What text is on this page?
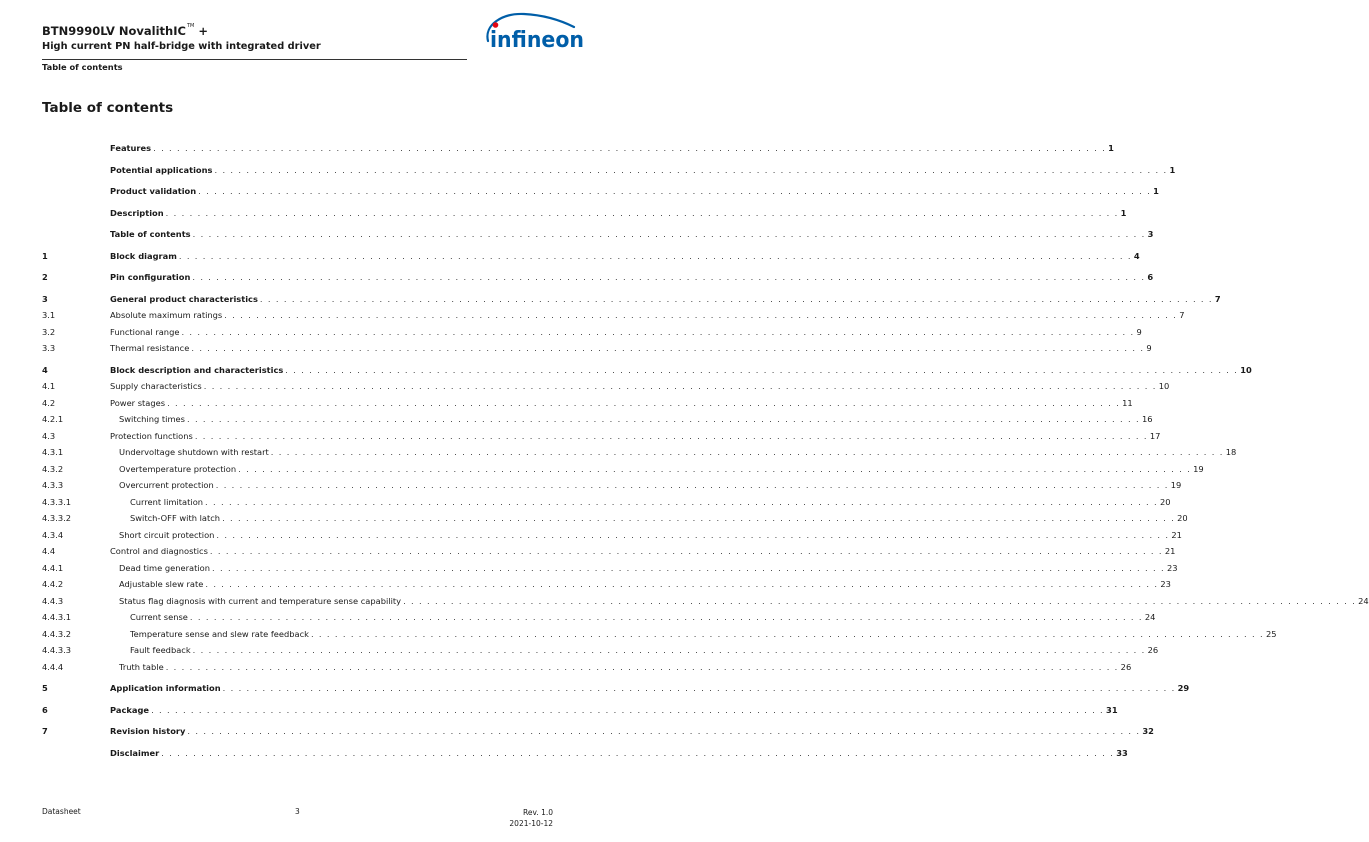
BTN9990LV NovalithIC™ +
High current PN half-bridge with integrated driver
Table of contents
infineon
Table of contents
Features . . . . . . . . . . . . . . . . . . . . . . . . . . . . . . . . . . . . . . . . . . . . . . . . . . . . . . . . . . . . . . . . . . . . . . . . . . . . . . . . . . . . . . . . . . . . . . . . . . . . . . . . . . . . . . . . . . . . . . . . 1
Potential applications . . . . . . . . . . . . . . . . . . . . . . . . . . . . . . . . . . . . . . . . . . . . . . . . . . . . . . . . . . . . . . . . . . . . . . . . . . . . . . . . . . . . . . . . . . . . . . . . . . . . . . . . . . . . . . . . . . . . . . . . 1
Product validation . . . . . . . . . . . . . . . . . . . . . . . . . . . . . . . . . . . . . . . . . . . . . . . . . . . . . . . . . . . . . . . . . . . . . . . . . . . . . . . . . . . . . . . . . . . . . . . . . . . . . . . . . . . . . . . . . . . . . . . . 1
Description . . . . . . . . . . . . . . . . . . . . . . . . . . . . . . . . . . . . . . . . . . . . . . . . . . . . . . . . . . . . . . . . . . . . . . . . . . . . . . . . . . . . . . . . . . . . . . . . . . . . . . . . . . . . . . . . . . . . . . . . 1
Table of contents . . . . . . . . . . . . . . . . . . . . . . . . . . . . . . . . . . . . . . . . . . . . . . . . . . . . . . . . . . . . . . . . . . . . . . . . . . . . . . . . . . . . . . . . . . . . . . . . . . . . . . . . . . . . . . . . . . . . . . . . 3
1	Block diagram . . . . . . . . . . . . . . . . . . . . . . . . . . . . . . . . . . . . . . . . . . . . . . . . . . . . . . . . . . . . . . . . . . . . . . . . . . . . . . . . . . . . . . . . . . . . . . . . . . . . . . . . . . . . . . . . . . . . . . . . 4
2	Pin configuration . . . . . . . . . . . . . . . . . . . . . . . . . . . . . . . . . . . . . . . . . . . . . . . . . . . . . . . . . . . . . . . . . . . . . . . . . . . . . . . . . . . . . . . . . . . . . . . . . . . . . . . . . . . . . . . . . . . . . . . . 6
3	General product characteristics . . . . . . . . . . . . . . . . . . . . . . . . . . . . . . . . . . . . . . . . . . . . . . . . . . . . . . . . . . . . . . . . . . . . . . . . . . . . . . . . . . . . . . . . . . . . . . . . . . . . . . . . . . . . . . . . . . . . . . . . 7
3.1	Absolute maximum ratings . . . . . . . . . . . . . . . . . . . . . . . . . . . . . . . . . . . . . . . . . . . . . . . . . . . . . . . . . . . . . . . . . . . . . . . . . . . . . . . . . . . . . . . . . . . . . . . . . . . . . . . . . . . . . . . . . . . . . . . . 7
3.2	Functional range . . . . . . . . . . . . . . . . . . . . . . . . . . . . . . . . . . . . . . . . . . . . . . . . . . . . . . . . . . . . . . . . . . . . . . . . . . . . . . . . . . . . . . . . . . . . . . . . . . . . . . . . . . . . . . . . . . . . . . . . 9
3.3	Thermal resistance . . . . . . . . . . . . . . . . . . . . . . . . . . . . . . . . . . . . . . . . . . . . . . . . . . . . . . . . . . . . . . . . . . . . . . . . . . . . . . . . . . . . . . . . . . . . . . . . . . . . . . . . . . . . . . . . . . . . . . . . 9
4	Block description and characteristics . . . . . . . . . . . . . . . . . . . . . . . . . . . . . . . . . . . . . . . . . . . . . . . . . . . . . . . . . . . . . . . . . . . . . . . . . . . . . . . . . . . . . . . . . . . . . . . . . . . . . . . . . . . . . . . . . . . . . . . . 10
4.1	Supply characteristics . . . . . . . . . . . . . . . . . . . . . . . . . . . . . . . . . . . . . . . . . . . . . . . . . . . . . . . . . . . . . . . . . . . . . . . . . . . . . . . . . . . . . . . . . . . . . . . . . . . . . . . . . . . . . . . . . . . . . . . . 10
4.2	Power stages . . . . . . . . . . . . . . . . . . . . . . . . . . . . . . . . . . . . . . . . . . . . . . . . . . . . . . . . . . . . . . . . . . . . . . . . . . . . . . . . . . . . . . . . . . . . . . . . . . . . . . . . . . . . . . . . . . . . . . . . 11
4.2.1	Switching times . . . . . . . . . . . . . . . . . . . . . . . . . . . . . . . . . . . . . . . . . . . . . . . . . . . . . . . . . . . . . . . . . . . . . . . . . . . . . . . . . . . . . . . . . . . . . . . . . . . . . . . . . . . . . . . . . . . . . . . . 16
4.3	Protection functions . . . . . . . . . . . . . . . . . . . . . . . . . . . . . . . . . . . . . . . . . . . . . . . . . . . . . . . . . . . . . . . . . . . . . . . . . . . . . . . . . . . . . . . . . . . . . . . . . . . . . . . . . . . . . . . . . . . . . . . . 17
4.3.1	Undervoltage shutdown with restart . . . . . . . . . . . . . . . . . . . . . . . . . . . . . . . . . . . . . . . . . . . . . . . . . . . . . . . . . . . . . . . . . . . . . . . . . . . . . . . . . . . . . . . . . . . . . . . . . . . . . . . . . . . . . . . . . . . . . . . . 18
4.3.2	Overtemperature protection . . . . . . . . . . . . . . . . . . . . . . . . . . . . . . . . . . . . . . . . . . . . . . . . . . . . . . . . . . . . . . . . . . . . . . . . . . . . . . . . . . . . . . . . . . . . . . . . . . . . . . . . . . . . . . . . . . . . . . . . 19
4.3.3	Overcurrent protection . . . . . . . . . . . . . . . . . . . . . . . . . . . . . . . . . . . . . . . . . . . . . . . . . . . . . . . . . . . . . . . . . . . . . . . . . . . . . . . . . . . . . . . . . . . . . . . . . . . . . . . . . . . . . . . . . . . . . . . . 19
4.3.3.1	Current limitation . . . . . . . . . . . . . . . . . . . . . . . . . . . . . . . . . . . . . . . . . . . . . . . . . . . . . . . . . . . . . . . . . . . . . . . . . . . . . . . . . . . . . . . . . . . . . . . . . . . . . . . . . . . . . . . . . . . . . . . . 20
4.3.3.2	Switch-OFF with latch . . . . . . . . . . . . . . . . . . . . . . . . . . . . . . . . . . . . . . . . . . . . . . . . . . . . . . . . . . . . . . . . . . . . . . . . . . . . . . . . . . . . . . . . . . . . . . . . . . . . . . . . . . . . . . . . . . . . . . . . 20
4.3.4	Short circuit protection . . . . . . . . . . . . . . . . . . . . . . . . . . . . . . . . . . . . . . . . . . . . . . . . . . . . . . . . . . . . . . . . . . . . . . . . . . . . . . . . . . . . . . . . . . . . . . . . . . . . . . . . . . . . . . . . . . . . . . . . 21
4.4	Control and diagnostics . . . . . . . . . . . . . . . . . . . . . . . . . . . . . . . . . . . . . . . . . . . . . . . . . . . . . . . . . . . . . . . . . . . . . . . . . . . . . . . . . . . . . . . . . . . . . . . . . . . . . . . . . . . . . . . . . . . . . . . . 21
4.4.1	Dead time generation . . . . . . . . . . . . . . . . . . . . . . . . . . . . . . . . . . . . . . . . . . . . . . . . . . . . . . . . . . . . . . . . . . . . . . . . . . . . . . . . . . . . . . . . . . . . . . . . . . . . . . . . . . . . . . . . . . . . . . . . 23
4.4.2	Adjustable slew rate . . . . . . . . . . . . . . . . . . . . . . . . . . . . . . . . . . . . . . . . . . . . . . . . . . . . . . . . . . . . . . . . . . . . . . . . . . . . . . . . . . . . . . . . . . . . . . . . . . . . . . . . . . . . . . . . . . . . . . . . 23
4.4.3	Status flag diagnosis with current and temperature sense capability . . . . . . . . . . . . . . . . . . . . . . . . . . . . . . . . . . . . . . . . . . . . . . . . . . . . . . . . . . . . . . . . . . . . . . . . . . . . . . . . . . . . . . . . . . . . . . . . . . . . . . . . . . . . . . . . . . . . . . . . 24
4.4.3.1	Current sense . . . . . . . . . . . . . . . . . . . . . . . . . . . . . . . . . . . . . . . . . . . . . . . . . . . . . . . . . . . . . . . . . . . . . . . . . . . . . . . . . . . . . . . . . . . . . . . . . . . . . . . . . . . . . . . . . . . . . . . . 24
4.4.3.2	Temperature sense and slew rate feedback . . . . . . . . . . . . . . . . . . . . . . . . . . . . . . . . . . . . . . . . . . . . . . . . . . . . . . . . . . . . . . . . . . . . . . . . . . . . . . . . . . . . . . . . . . . . . . . . . . . . . . . . . . . . . . . . . . . . . . . . 25
4.4.3.3	Fault feedback . . . . . . . . . . . . . . . . . . . . . . . . . . . . . . . . . . . . . . . . . . . . . . . . . . . . . . . . . . . . . . . . . . . . . . . . . . . . . . . . . . . . . . . . . . . . . . . . . . . . . . . . . . . . . . . . . . . . . . . . 26
4.4.4	Truth table . . . . . . . . . . . . . . . . . . . . . . . . . . . . . . . . . . . . . . . . . . . . . . . . . . . . . . . . . . . . . . . . . . . . . . . . . . . . . . . . . . . . . . . . . . . . . . . . . . . . . . . . . . . . . . . . . . . . . . . . 26
5	Application information . . . . . . . . . . . . . . . . . . . . . . . . . . . . . . . . . . . . . . . . . . . . . . . . . . . . . . . . . . . . . . . . . . . . . . . . . . . . . . . . . . . . . . . . . . . . . . . . . . . . . . . . . . . . . . . . . . . . . . . . 29
6	Package . . . . . . . . . . . . . . . . . . . . . . . . . . . . . . . . . . . . . . . . . . . . . . . . . . . . . . . . . . . . . . . . . . . . . . . . . . . . . . . . . . . . . . . . . . . . . . . . . . . . . . . . . . . . . . . . . . . . . . . . 31
7	Revision history . . . . . . . . . . . . . . . . . . . . . . . . . . . . . . . . . . . . . . . . . . . . . . . . . . . . . . . . . . . . . . . . . . . . . . . . . . . . . . . . . . . . . . . . . . . . . . . . . . . . . . . . . . . . . . . . . . . . . . . . 32
Disclaimer . . . . . . . . . . . . . . . . . . . . . . . . . . . . . . . . . . . . . . . . . . . . . . . . . . . . . . . . . . . . . . . . . . . . . . . . . . . . . . . . . . . . . . . . . . . . . . . . . . . . . . . . . . . . . . . . . . . . . . . . 33
Datasheet	3	Rev. 1.0
2021-10-12
